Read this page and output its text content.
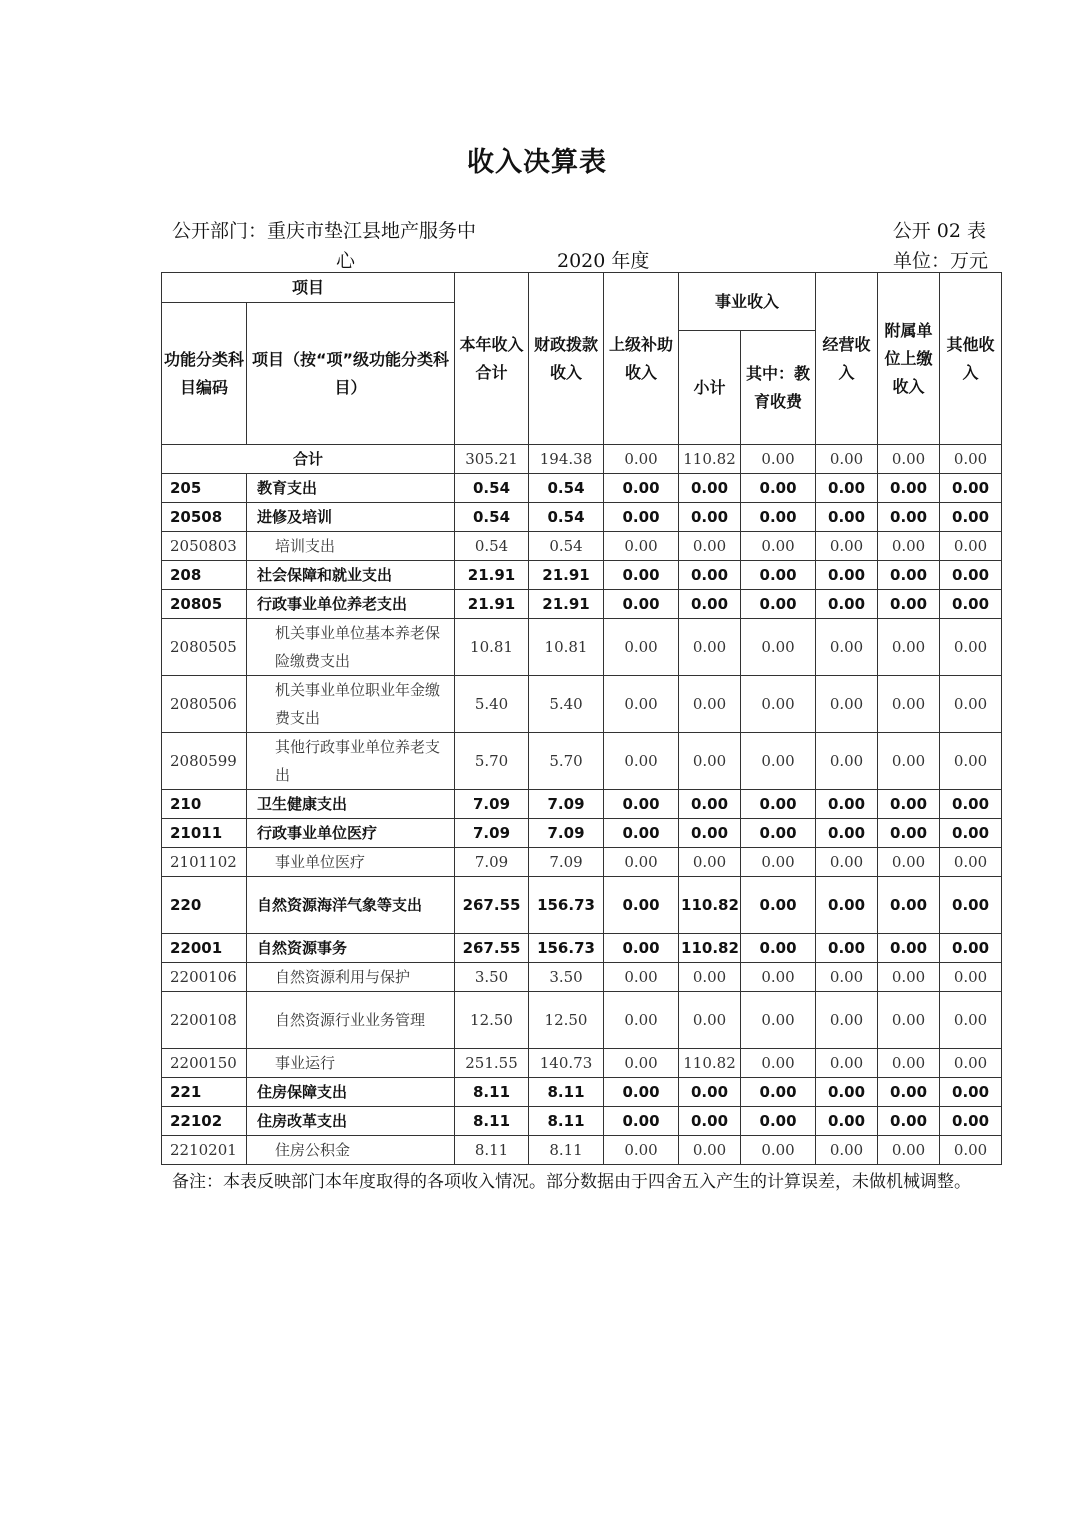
收入决算表
公开部门：重庆市垫江县地产服务中
心	2020 年度
公开 02 表
单位：万元
项目		本年收入合计	财政拨款收入	上级补助收入	事业收入		经营收入	附属单位上缴收入	其他收入
功能分类科目编码	项目（按“项”级功能分类科目）								
					小计	其中：教育收费			
合计		305.21	194.38	0.00	110.82	0.00	0.00	0.00	0.00
205	教育支出	0.54	0.54	0.00	0.00	0.00	0.00	0.00	0.00
20508	进修及培训	0.54	0.54	0.00	0.00	0.00	0.00	0.00	0.00
2050803	培训支出	0.54	0.54	0.00	0.00	0.00	0.00	0.00	0.00
208	社会保障和就业支出	21.91	21.91	0.00	0.00	0.00	0.00	0.00	0.00
20805	行政事业单位养老支出	21.91	21.91	0.00	0.00	0.00	0.00	0.00	0.00
2080505	机关事业单位基本养老保险缴费支出	10.81	10.81	0.00	0.00	0.00	0.00	0.00	0.00
2080506	机关事业单位职业年金缴费支出	5.40	5.40	0.00	0.00	0.00	0.00	0.00	0.00
2080599	其他行政事业单位养老支出	5.70	5.70	0.00	0.00	0.00	0.00	0.00	0.00
210	卫生健康支出	7.09	7.09	0.00	0.00	0.00	0.00	0.00	0.00
21011	行政事业单位医疗	7.09	7.09	0.00	0.00	0.00	0.00	0.00	0.00
2101102	事业单位医疗	7.09	7.09	0.00	0.00	0.00	0.00	0.00	0.00
220	自然资源海洋气象等支出	267.55	156.73	0.00	110.82	0.00	0.00	0.00	0.00
22001	自然资源事务	267.55	156.73	0.00	110.82	0.00	0.00	0.00	0.00
2200106	自然资源利用与保护	3.50	3.50	0.00	0.00	0.00	0.00	0.00	0.00
2200108	自然资源行业业务管理	12.50	12.50	0.00	0.00	0.00	0.00	0.00	0.00
2200150	事业运行	251.55	140.73	0.00	110.82	0.00	0.00	0.00	0.00
221	住房保障支出	8.11	8.11	0.00	0.00	0.00	0.00	0.00	0.00
22102	住房改革支出	8.11	8.11	0.00	0.00	0.00	0.00	0.00	0.00
2210201	住房公积金	8.11	8.11	0.00	0.00	0.00	0.00	0.00	0.00
备注：本表反映部门本年度取得的各项收入情况。部分数据由于四舍五入产生的计算误差，未做机械调整。
